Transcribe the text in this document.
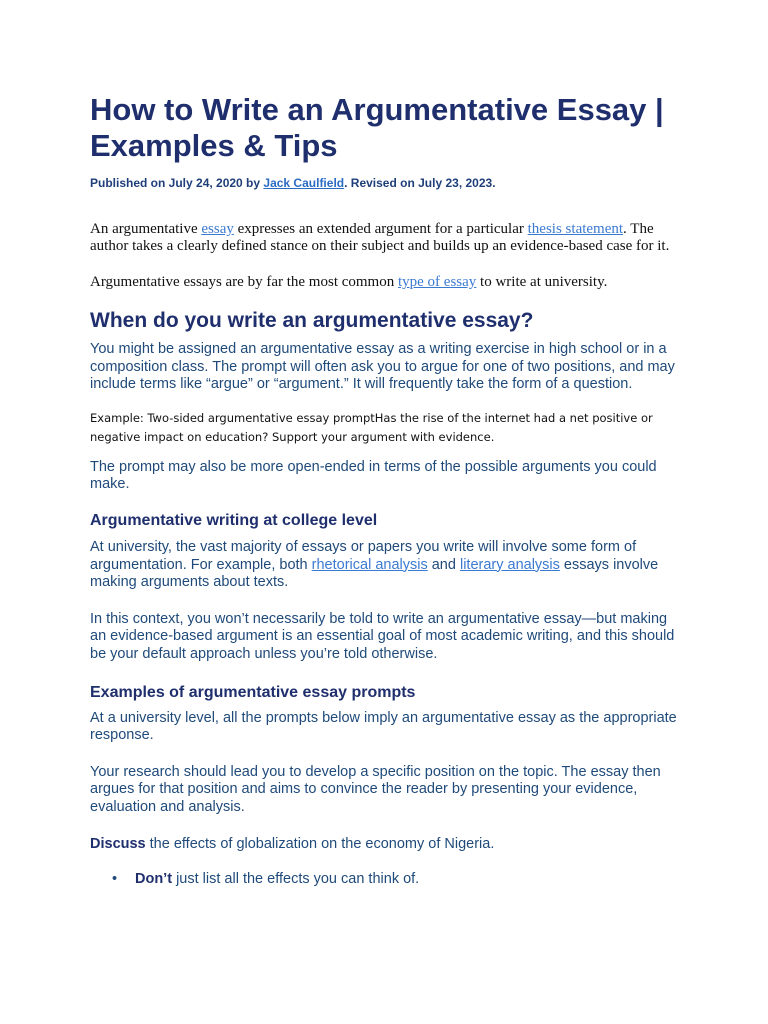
How to Write an Argumentative Essay | Examples & Tips

Published on July 24, 2020 by Jack Caulfield. Revised on July 23, 2023.

An argumentative essay expresses an extended argument for a particular thesis statement. The author takes a clearly defined stance on their subject and builds up an evidence-based case for it.

Argumentative essays are by far the most common type of essay to write at university.

When do you write an argumentative essay?

You might be assigned an argumentative essay as a writing exercise in high school or in a composition class. The prompt will often ask you to argue for one of two positions, and may include terms like “argue” or “argument.” It will frequently take the form of a question.

Example: Two-sided argumentative essay promptHas the rise of the internet had a net positive or negative impact on education? Support your argument with evidence.

The prompt may also be more open-ended in terms of the possible arguments you could make.

Argumentative writing at college level

At university, the vast majority of essays or papers you write will involve some form of argumentation. For example, both rhetorical analysis and literary analysis essays involve making arguments about texts.

In this context, you won’t necessarily be told to write an argumentative essay—but making an evidence-based argument is an essential goal of most academic writing, and this should be your default approach unless you’re told otherwise.

Examples of argumentative essay prompts

At a university level, all the prompts below imply an argumentative essay as the appropriate response.

Your research should lead you to develop a specific position on the topic. The essay then argues for that position and aims to convince the reader by presenting your evidence, evaluation and analysis.

Discuss the effects of globalization on the economy of Nigeria.

• Don’t just list all the effects you can think of.
